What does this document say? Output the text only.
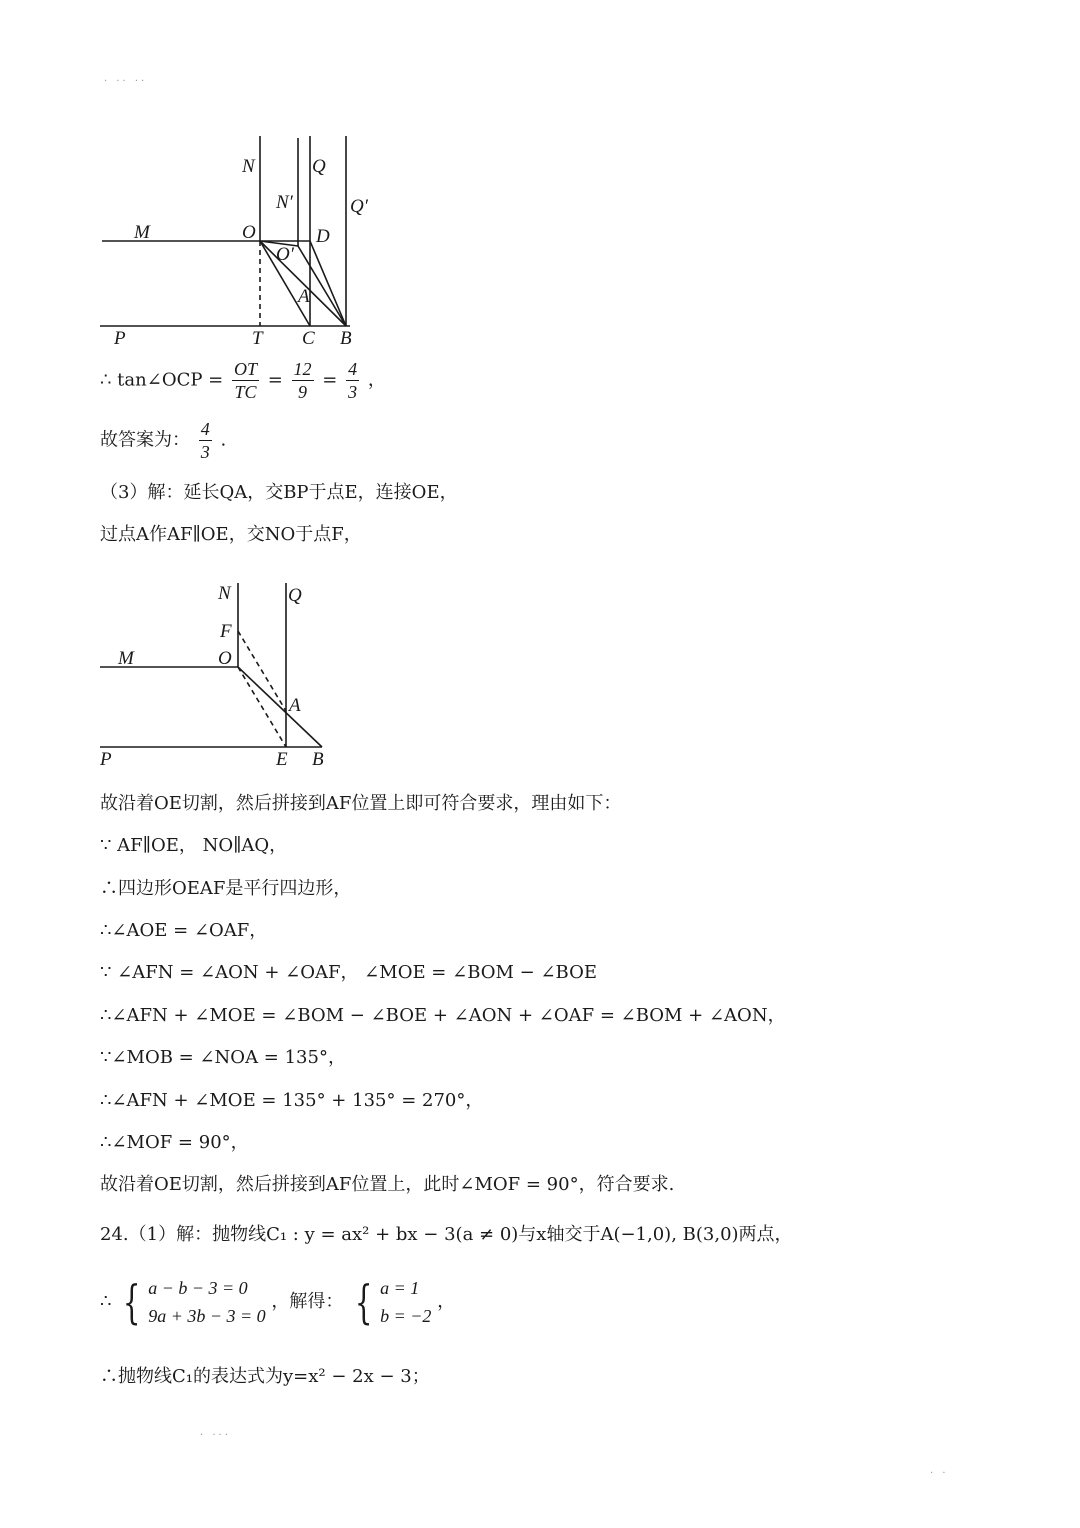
· ·· ··
N	Q
N′	Q′
M	O	D
O′
A
P	T C B
∴ tan∠OCP = $\frac{OT}{TC} = \frac{12}{9} = \frac{4}{3}$ ，
故答案为： $\frac{4}{3}$ .
（3）解：延长QA，交BP于点E，连接OE，
过点A作AF∥OE，交NO于点F，
N	Q
F
M	O
A
P	E B
故沿着OE切割，然后拼接到AF位置上即可符合要求，理由如下：
∵ AF∥OE， NO∥AQ，
∴四边形OEAF是平行四边形，
∴∠AOE = ∠OAF，
∵ ∠AFN = ∠AON + ∠OAF， ∠MOE = ∠BOM − ∠BOE
∴∠AFN + ∠MOE = ∠BOM − ∠BOE + ∠AON + ∠OAF = ∠BOM + ∠AON，
∵∠MOB = ∠NOA = 135°，
∴∠AFN + ∠MOE = 135° + 135° = 270°，
∴∠MOF = 90°，
故沿着OE切割，然后拼接到AF位置上，此时∠MOF = 90°，符合要求.
24.（1）解：抛物线C₁ : y = ax² + bx − 3(a ≠ 0)与x轴交于A(−1,0), B(3,0)两点，
∴ { a − b − 3 = 0
9a + 3b − 3 = 0
，解得： { a = 1
b = −2
，
∴抛物线C₁的表达式为y=x² − 2x − 3；
· ···
· ·
